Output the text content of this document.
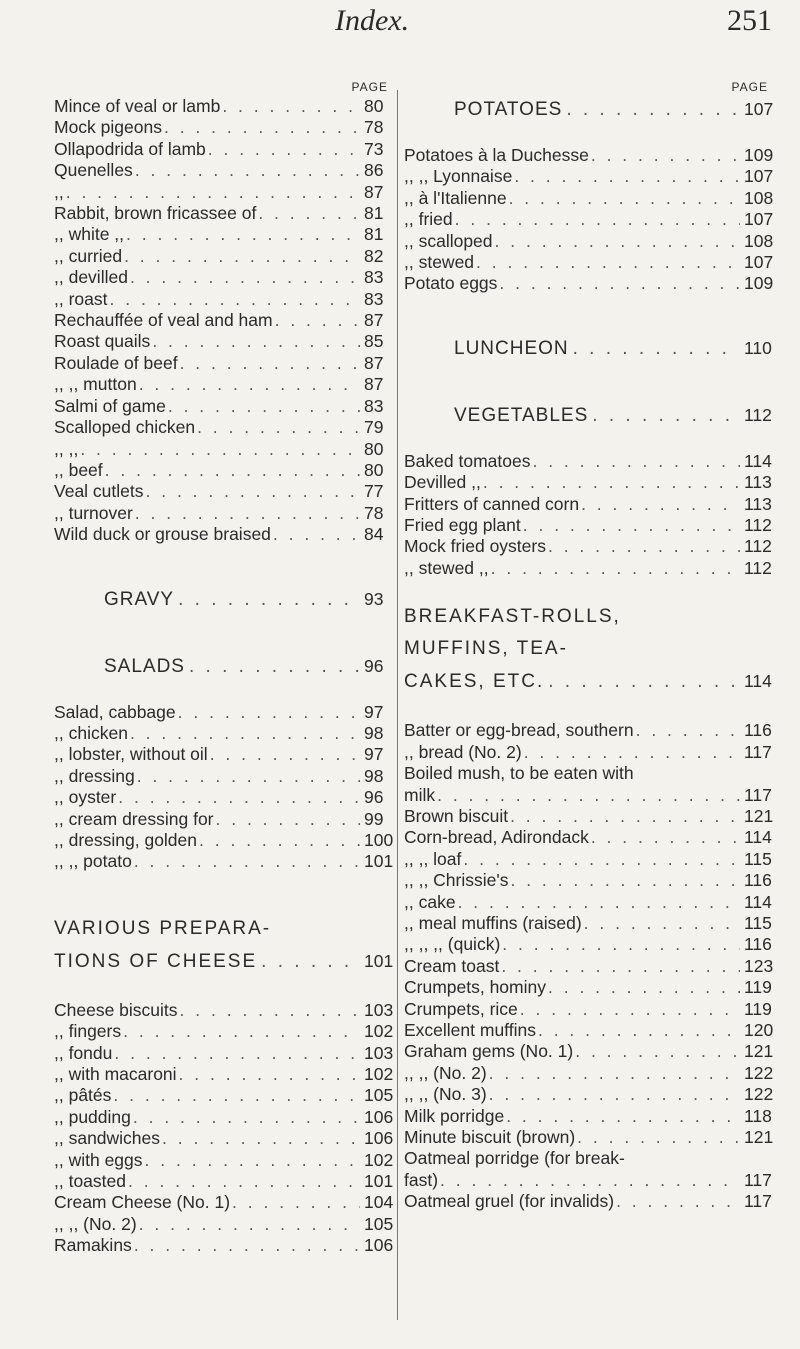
Index.	251
PAGE
Mince of veal or lamb . . .	80
Mock pigeons . . .	78
Ollapodrida of lamb . . .	73
Quenelles . . .	86
,, . . .	87
Rabbit, brown fricassee of . . .	81
,, white ,, . . .	81
,, curried . . .	82
,, devilled . . .	83
,, roast . . .	83
Rechauffée of veal and ham . . .	87
Roast quails . . .	85
Roulade of beef . . .	87
,, ,, mutton . . .	87
Salmi of game . . .	83
Scalloped chicken . . .	79
,, ,, . . .	80
,, beef . . .	80
Veal cutlets . . .	77
,, turnover . . .	78
Wild duck or grouse braised . . .	84
GRAVY . . .	93
SALADS . . .	96
Salad, cabbage . . .	97
,, chicken . . .	98
,, lobster, without oil . . .	97
,, dressing . . .	98
,, oyster . . .	96
,, cream dressing for . . .	99
,, dressing, golden . . .	100
,, ,, potato . . .	101
VARIOUS PREPARA-
TIONS OF CHEESE . . .	101
Cheese biscuits . . .	103
,, fingers . . .	102
,, fondu . . .	103
,, with macaroni . . .	102
,, pâtés . . .	105
,, pudding . . .	106
,, sandwiches . . .	106
,, with eggs . . .	102
,, toasted . . .	101
Cream Cheese (No. 1) . . .	104
,, ,, (No. 2) . . .	105
Ramakins . . .	106
PAGE
POTATOES . . .	107
Potatoes à la Duchesse . . .	109
,, ,, Lyonnaise . . .	107
,, à l'Italienne . . .	108
,, fried . . .	107
,, scalloped . . .	108
,, stewed . . .	107
Potato eggs . . .	109
LUNCHEON . . .	110
VEGETABLES . . .	112
Baked tomatoes . . .	114
Devilled ,, . . .	113
Fritters of canned corn . . .	113
Fried egg plant . . .	112
Mock fried oysters . . .	112
,, stewed ,, . . .	112
BREAKFAST-ROLLS,
MUFFINS, TEA-
CAKES, ETC. . . .	114
Batter or egg-bread, southern . . .	116
,, bread (No. 2) . . .	117
Boiled mush, to be eaten with
milk . . .	117
Brown biscuit . . .	121
Corn-bread, Adirondack . . .	114
,, ,, loaf . . .	115
,, ,, Chrissie's . . .	116
,, cake . . .	114
,, meal muffins (raised) . . .	115
,, ,, ,, (quick) . . .	116
Cream toast . . .	123
Crumpets, hominy . . .	119
Crumpets, rice . . .	119
Excellent muffins . . .	120
Graham gems (No. 1) . . .	121
,, ,, (No. 2) . . .	122
,, ,, (No. 3) . . .	122
Milk porridge . . .	118
Minute biscuit (brown) . . .	121
Oatmeal porridge (for break-
fast) . . .	117
Oatmeal gruel (for invalids) . . .	117
